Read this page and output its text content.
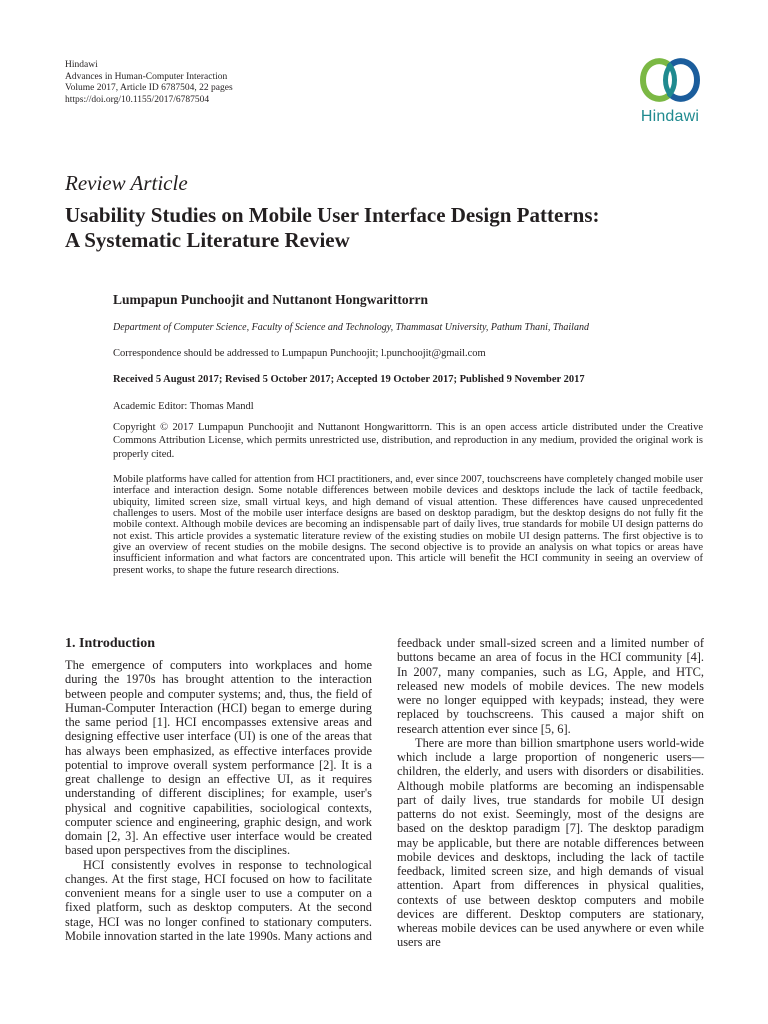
Hindawi
Advances in Human-Computer Interaction
Volume 2017, Article ID 6787504, 22 pages
https://doi.org/10.1155/2017/6787504
Hindawi
Review Article
Usability Studies on Mobile User Interface Design Patterns:
A Systematic Literature Review
Lumpapun Punchoojit and Nuttanont Hongwarittorrn
Department of Computer Science, Faculty of Science and Technology, Thammasat University, Pathum Thani, Thailand
Correspondence should be addressed to Lumpapun Punchoojit; l.punchoojit@gmail.com
Received 5 August 2017; Revised 5 October 2017; Accepted 19 October 2017; Published 9 November 2017
Academic Editor: Thomas Mandl
Copyright © 2017 Lumpapun Punchoojit and Nuttanont Hongwarittorrn. This is an open access article distributed under the Creative Commons Attribution License, which permits unrestricted use, distribution, and reproduction in any medium, provided the original work is properly cited.
Mobile platforms have called for attention from HCI practitioners, and, ever since 2007, touchscreens have completely changed mobile user interface and interaction design. Some notable differences between mobile devices and desktops include the lack of tactile feedback, ubiquity, limited screen size, small virtual keys, and high demand of visual attention. These differences have caused unprecedented challenges to users. Most of the mobile user interface designs are based on desktop paradigm, but the desktop designs do not fully fit the mobile context. Although mobile devices are becoming an indispensable part of daily lives, true standards for mobile UI design patterns do not exist. This article provides a systematic literature review of the existing studies on mobile UI design patterns. The first objective is to give an overview of recent studies on the mobile designs. The second objective is to provide an analysis on what topics or areas have insufficient information and what factors are concentrated upon. This article will benefit the HCI community in seeing an overview of present works, to shape the future research directions.
1. Introduction

The emergence of computers into workplaces and home during the 1970s has brought attention to the interaction between people and computer systems; and, thus, the field of Human-Computer Interaction (HCI) began to emerge during the same period [1]. HCI encompasses extensive areas and designing effective user interface (UI) is one of the areas that has always been emphasized, as effective interfaces provide potential to improve overall system performance [2]. It is a great challenge to design an effective UI, as it requires understanding of different disciplines; for example, user's physical and cognitive capabilities, sociological contexts, computer science and engineering, graphic design, and work domain [2, 3]. An effective user interface would be created based upon perspectives from the disciplines.

HCI consistently evolves in response to technological changes. At the first stage, HCI focused on how to facilitate convenient means for a single user to use a computer on a fixed platform, such as desktop computers. At the second stage, HCI was no longer confined to stationary computers. Mobile innovation started in the late 1990s. Many actions and

feedback under small-sized screen and a limited number of buttons became an area of focus in the HCI community [4]. In 2007, many companies, such as LG, Apple, and HTC, released new models of mobile devices. The new models were no longer equipped with keypads; instead, they were replaced by touchscreens. This caused a major shift on research attention ever since [5, 6].

There are more than billion smartphone users world-wide which include a large proportion of nongeneric users—children, the elderly, and users with disorders or disabilities. Although mobile platforms are becoming an indispensable part of daily lives, true standards for mobile UI design patterns do not exist. Seemingly, most of the designs are based on the desktop paradigm [7]. The desktop paradigm may be applicable, but there are notable differences between mobile devices and desktops, including the lack of tactile feedback, limited screen size, and high demands of visual attention. Apart from differences in physical qualities, contexts of use between desktop computers and mobile devices are different. Desktop computers are stationary, whereas mobile devices can be used anywhere or even while users are
